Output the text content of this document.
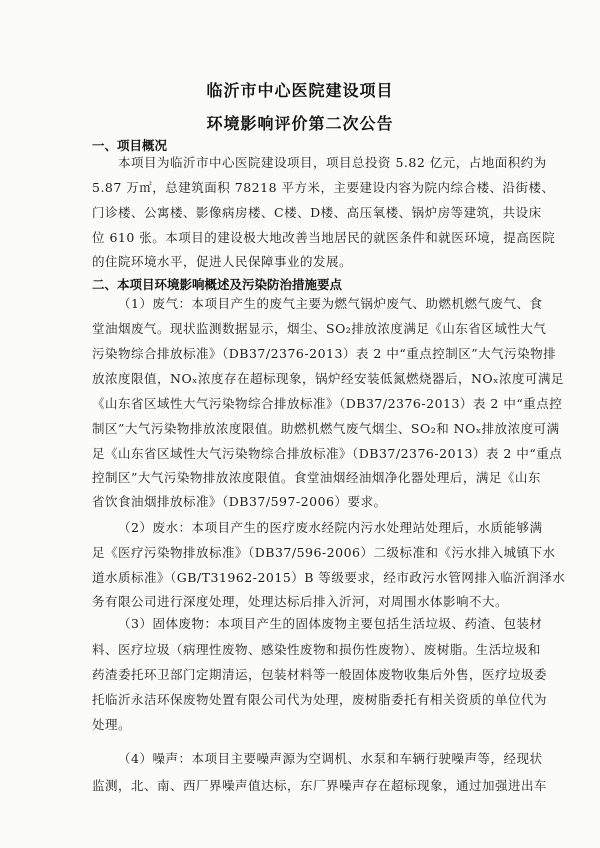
临沂市中心医院建设项目
环境影响评价第二次公告
一、项目概况
本项目为临沂市中心医院建设项目，项目总投资 5.82 亿元，占地面积约为
5.87 万㎡，总建筑面积 78218 平方米，主要建设内容为院内综合楼、沿街楼、
门诊楼、公寓楼、影像病房楼、C楼、D楼、高压氧楼、锅炉房等建筑，共设床
位 610 张。本项目的建设极大地改善当地居民的就医条件和就医环境，提高医院
的住院环境水平，促进人民保障事业的发展。
二、本项目环境影响概述及污染防治措施要点
（1）废气：本项目产生的废气主要为燃气锅炉废气、助燃机燃气废气、食
堂油烟废气。现状监测数据显示，烟尘、SO₂排放浓度满足《山东省区域性大气
污染物综合排放标准》（DB37/2376-2013）表 2 中“重点控制区”大气污染物排
放浓度限值，NOₓ浓度存在超标现象，锅炉经安装低氮燃烧器后，NOₓ浓度可满足
《山东省区域性大气污染物综合排放标准》（DB37/2376-2013）表 2 中“重点控
制区”大气污染物排放浓度限值。助燃机燃气废气烟尘、SO₂和 NOₓ排放浓度可满
足《山东省区域性大气污染物综合排放标准》（DB37/2376-2013）表 2 中“重点
控制区”大气污染物排放浓度限值。食堂油烟经油烟净化器处理后，满足《山东
省饮食油烟排放标准》（DB37/597-2006）要求。
（2）废水：本项目产生的医疗废水经院内污水处理站处理后，水质能够满
足《医疗污染物排放标准》（DB37/596-2006）二级标准和《污水排入城镇下水
道水质标准》（GB/T31962-2015）B 等级要求，经市政污水管网排入临沂润泽水
务有限公司进行深度处理，处理达标后排入沂河，对周围水体影响不大。
（3）固体废物：本项目产生的固体废物主要包括生活垃圾、药渣、包装材
料、医疗垃圾（病理性废物、感染性废物和损伤性废物）、废树脂。生活垃圾和
药渣委托环卫部门定期清运，包装材料等一般固体废物收集后外售，医疗垃圾委
托临沂永洁环保废物处置有限公司代为处理，废树脂委托有相关资质的单位代为
处理。
（4）噪声：本项目主要噪声源为空调机、水泵和车辆行驶噪声等，经现状
监测，北、南、西厂界噪声值达标，东厂界噪声存在超标现象，通过加强进出车
